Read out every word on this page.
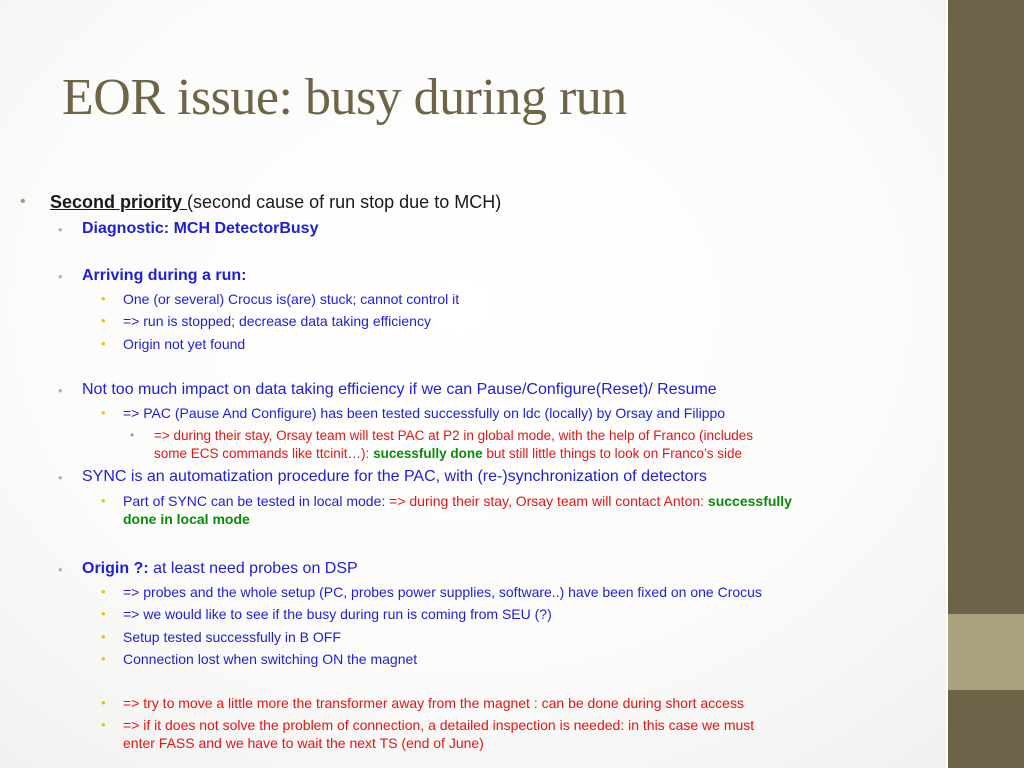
EOR issue: busy during run
• Second priority (second cause of run stop due to MCH)
• Diagnostic: MCH DetectorBusy
• Arriving during a run:
• One (or several) Crocus is(are) stuck; cannot control it
• => run is stopped; decrease data taking efficiency
• Origin not yet found
• Not too much impact on data taking efficiency if we can Pause/Configure(Reset)/ Resume
• => PAC (Pause And Configure) has been tested successfully on ldc (locally) by Orsay and Filippo
• => during their stay, Orsay team will test PAC at P2 in global mode, with the help of Franco (includes
some ECS commands like ttcinit…): sucessfully done but still little things to look on Franco’s side
• SYNC is an automatization procedure for the PAC, with (re-)synchronization of detectors
• Part of SYNC can be tested in local mode: => during their stay, Orsay team will contact Anton: successfully
done in local mode
• Origin ?: at least need probes on DSP
• => probes and the whole setup (PC, probes power supplies, software..) have been fixed on one Crocus
• => we would like to see if the busy during run is coming from SEU (?)
• Setup tested successfully in B OFF
• Connection lost when switching ON the magnet
• => try to move a little more the transformer away from the magnet : can be done during short access
• => if it does not solve the problem of connection, a detailed inspection is needed: in this case we must
enter FASS and we have to wait the next TS (end of June)
